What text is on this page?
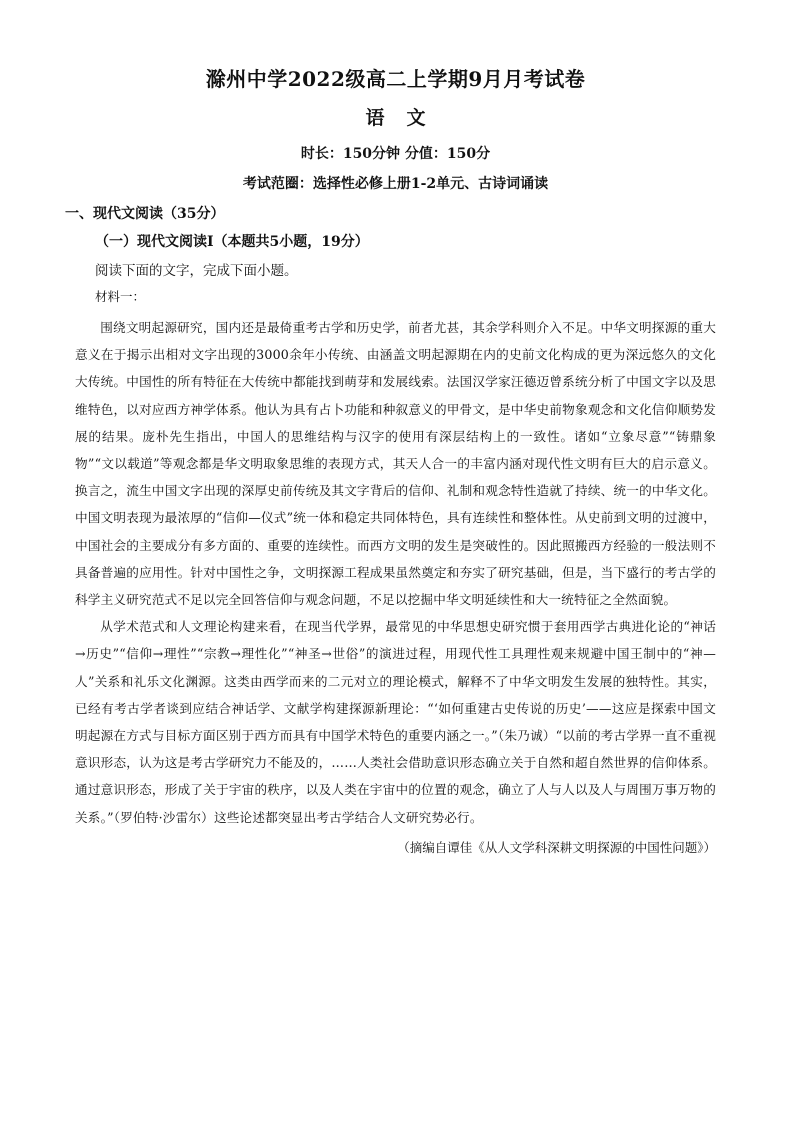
滁州中学2022级高二上学期9月月考试卷
语文
时长：150分钟 分值：150分
考试范圈：选择性必修上册1-2单元、古诗词诵读
一、现代文阅读（35分）
（一）现代文阅读Ⅰ（本题共5小题，19分）
阅读下面的文字，完成下面小题。
材料一：

围绕文明起源研究，国内还是最倚重考古学和历史学，前者尤甚，其余学科则介入不足。中华文明探源的重大意义在于揭示出相对文字出现的3000余年小传统、由涵盖文明起源期在内的史前文化构成的更为深远悠久的文化大传统。中国性的所有特征在大传统中都能找到萌芽和发展线索。法国汉学家汪德迈曾系统分析了中国文字以及思维特色，以对应西方神学体系。他认为具有占卜功能和种叙意义的甲骨文，是中华史前物象观念和文化信仰顺势发展的结果。庞朴先生指出，中国人的思维结构与汉字的使用有深层结构上的一致性。诸如“立象尽意”“铸鼎象物”“文以载道”等观念都是华文明取象思维的表现方式，其天人合一的丰富内涵对现代性文明有巨大的启示意义。换言之，流生中国文字出现的深厚史前传统及其文字背后的信仰、礼制和观念特性造就了持续、统一的中华文化。中国文明表现为最浓厚的“信仰—仪式”统一体和稳定共同体特色，具有连续性和整体性。从史前到文明的过渡中，中国社会的主要成分有多方面的、重要的连续性。而西方文明的发生是突破性的。因此照搬西方经验的一般法则不具备普遍的应用性。针对中国性之争，文明探源工程成果虽然奠定和夯实了研究基础，但是，当下盛行的考古学的科学主义研究范式不足以完全回答信仰与观念问题，不足以挖掘中华文明延续性和大一统特征之全然面貌。

从学术范式和人文理论构建来看，在现当代学界，最常见的中华思想史研究惯于套用西学古典进化论的“神话→历史”“信仰→理性”“宗教→理性化”“神圣→世俗”的演进过程，用现代性工具理性观来规避中国王制中的“神—人”关系和礼乐文化渊源。这类由西学而来的二元对立的理论模式，解释不了中华文明发生发展的独特性。其实，已经有考古学者谈到应结合神话学、文献学构建探源新理论：“‘如何重建古史传说的历史’——这应是探索中国文明起源在方式与目标方面区别于西方而具有中国学术特色的重要内涵之一。”（朱乃诚）“以前的考古学界一直不重视意识形态，认为这是考古学研究力不能及的，……人类社会借助意识形态确立关于自然和超自然世界的信仰体系。通过意识形态，形成了关于宇宙的秩序，以及人类在宇宙中的位置的观念，确立了人与人以及人与周围万事万物的关系。”（罗伯特·沙雷尔）这些论述都突显出考古学结合人文研究势必行。

（摘编自谭佳《从人文学科深耕文明探源的中国性问题》）
